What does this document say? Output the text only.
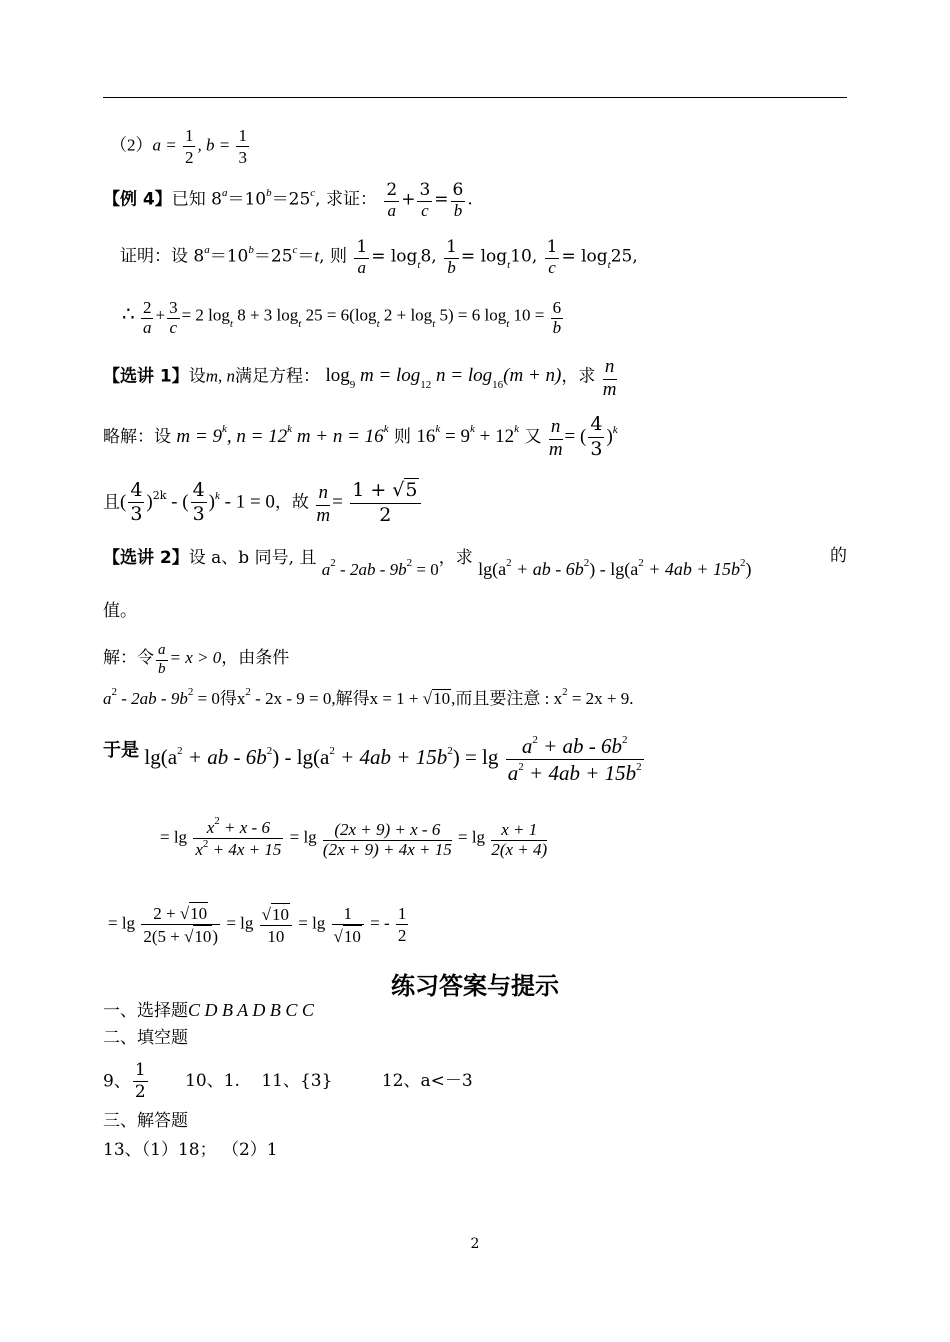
$(2)a = \frac{1}{2}$ , $b = \frac{1}{3}$
【例 4】已知 $8^a=10^b=25^c$, 求证： $\frac{2}{a} + \frac{3}{c} = \frac{6}{b}$ .
证明：设 $8^a=10^b=25^c=t$, 则 $\frac{1}{a} = \log_t8$, $\frac{1}{b} = \log_t10$, $\frac{1}{c} = \log_t25$,
∴ $\frac{2}{a} + \frac{3}{c} = 2$ $\log_t 8 + 3$ $\log_t 25 = 6(\log_t$ $2 + \log_t 5) = 6$ $\log_t 10 = \frac{6}{b}$
【选讲 1】设m, n满足方程： $\log_9 m = \log_{12} n = \log_{16}(m + n)$，求 $\frac{n}{m}$
略解：设 $m = 9^k$, $n = 12^k$ $m + n = 16^k$ 则 $16^k = 9^k + 12^k$ 又 $\frac{n}{m}$ = ( $\frac{4}{3} )^k$
且( $\frac{4}{3} )^{2k}$ - ( $\frac{4}{3} )^k - 1 = 0$，故 $\frac{n}{m} = \frac{1 + √5}{2}$
【选讲 2】设 a、b 同号, 且 $a^2 - 2ab - 9b^2 = 0$，求 $\lg(a^2$ + ab - $6b^2) - \lg(a^2 + 4ab + 15b^2)$
的
值。
解：令 $\frac{a}{b} = x > 0$，由条件
$a^2 - 2ab - 9b^2 = 0$得$x^2 - 2x - 9 = 0$,解得x = 1 + √10,而且要注意 : $x^2 = 2x + 9$.
于是 $\lg(a^2$ + ab - $6b^2) - \lg(a^2 + 4ab + 15b^2) = \lg \frac{a^2 + ab - 6b^2}{a^2 + 4ab + 15b^2}$
= $\lg \frac{x^2 + x - 6}{x^2 + 4x + 15} = \lg \frac{(2x + 9) + x - 6}{(2x + 9) + 4x + 15} = \lg \frac{x + 1}{2(x + 4)}$
= $\lg \frac{2 + √10}{2(5 + √10)} = \lg \frac{√10}{10} = \lg \frac{1}{√10}$ = - $\frac{1}{2}$
练习答案与提示
一、选择题C D B A D B C C
二、填空题
9、 $\frac{1}{2} 10$、1. 11、{3}	12、a<－3
三、解答题
13、（1）18； （2）1
2
